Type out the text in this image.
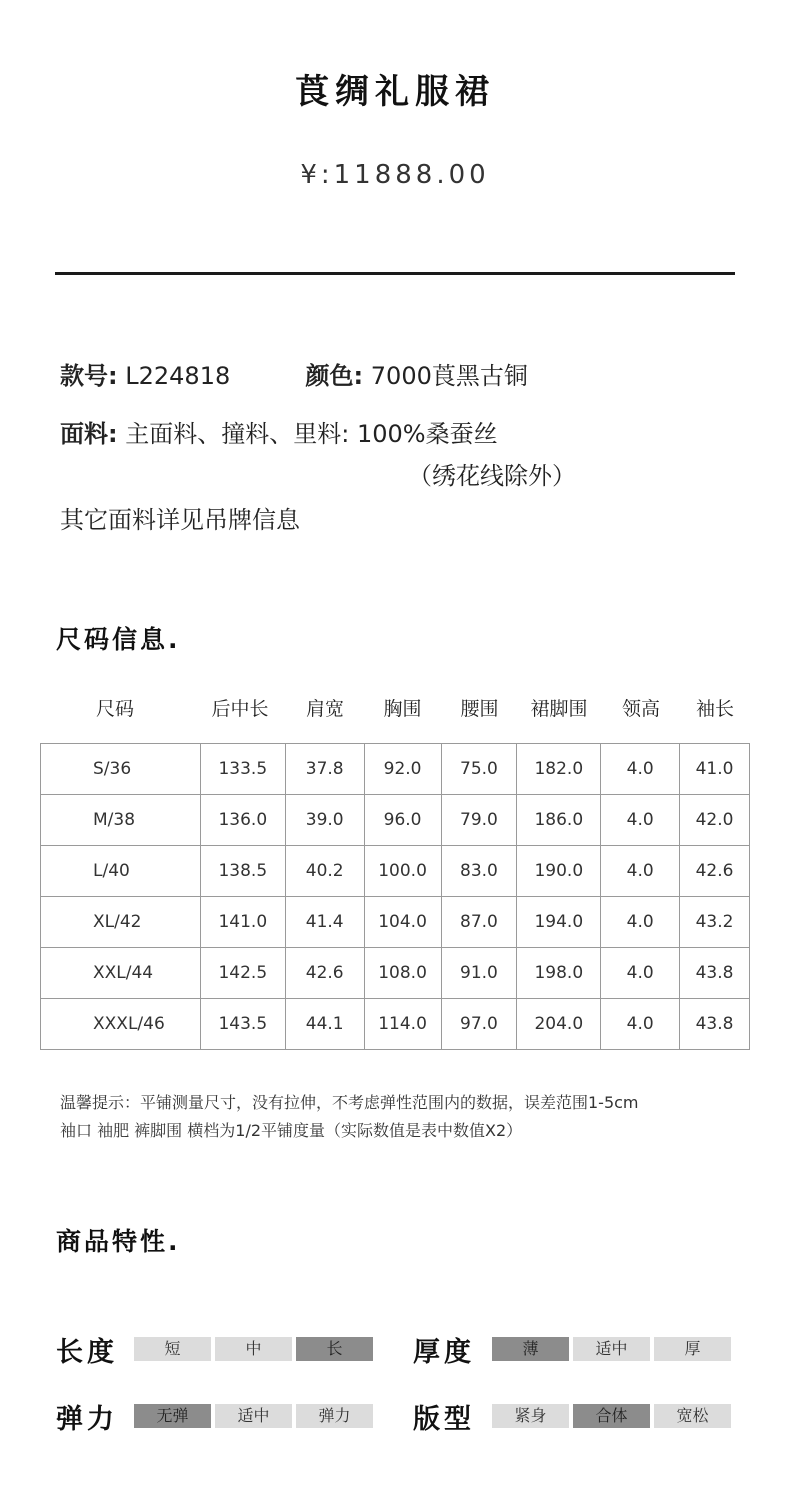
莨绸礼服裙
¥:11888.00
款号: L224818	颜色: 7000莨黑古铜
面料: 主面料、撞料、里料: 100%桑蚕丝
（绣花线除外）
其它面料详见吊牌信息
尺码信息.
尺码	后中长	肩宽	胸围	腰围	裙脚围	领高	袖长
S/36	133.5	37.8	92.0	75.0	182.0	4.0	41.0
M/38	136.0	39.0	96.0	79.0	186.0	4.0	42.0
L/40	138.5	40.2	100.0	83.0	190.0	4.0	42.6
XL/42	141.0	41.4	104.0	87.0	194.0	4.0	43.2
XXL/44	142.5	42.6	108.0	91.0	198.0	4.0	43.8
XXXL/46	143.5	44.1	114.0	97.0	204.0	4.0	43.8
温馨提示：平铺测量尺寸，没有拉伸，不考虑弹性范围内的数据，误差范围1-5cm
袖口 袖肥 裤脚围 横档为1/2平铺度量（实际数值是表中数值X2）
商品特性.
长度	短	中	长	厚度	薄	适中	厚
弹力	无弹	适中	弹力	版型	紧身	合体	宽松
